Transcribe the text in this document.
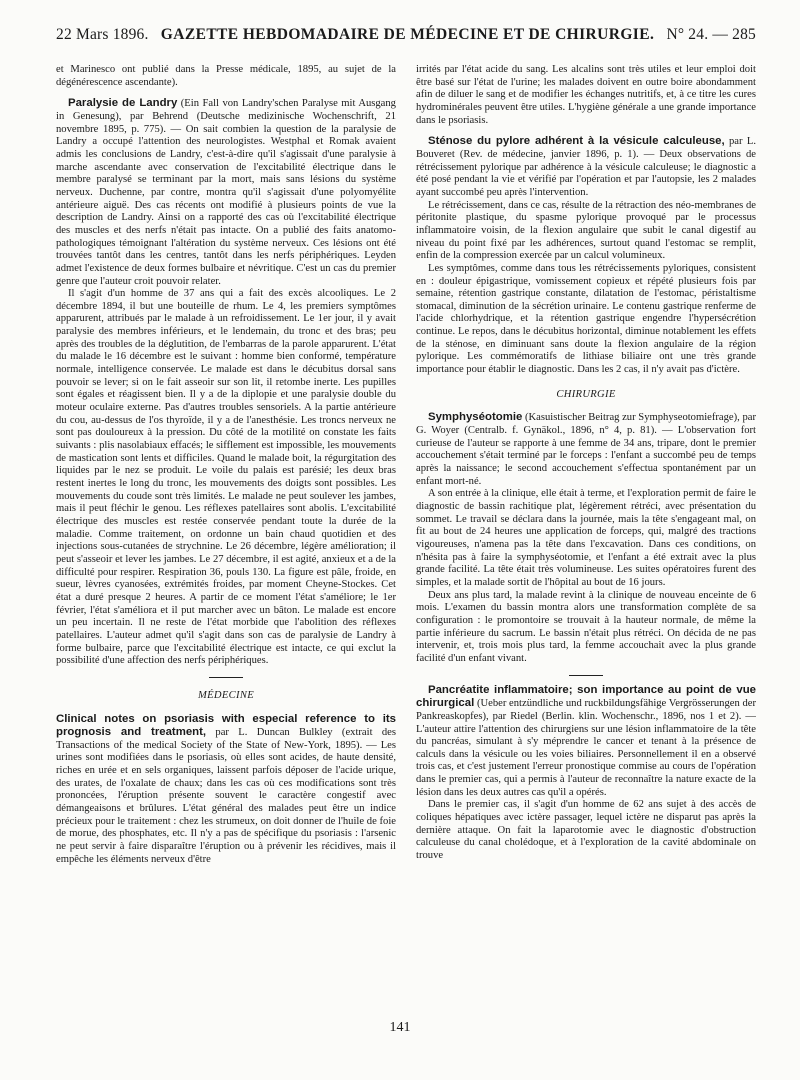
22 Mars 1896. GAZETTE HEBDOMADAIRE DE MÉDECINE ET DE CHIRURGIE. N° 24. — 285

et Marinesco ont publié dans la Presse médicale, 1895, au sujet de la dégénérescence ascendante).

Paralysie de Landry (Ein Fall von Landry'schen Paralyse mit Ausgang in Genesung), par Behrend (Deutsche medizinische Wochenschrift, 21 novembre 1895, p. 775). — On sait combien la question de la paralysie de Landry a occupé l'attention des neurologistes. Westphal et Romak avaient admis les conclusions de Landry, c'est-à-dire qu'il s'agissait d'une paralysie à marche ascendante avec conservation de l'excitabilité électrique dans le membre paralysé se terminant par la mort, mais sans lésions du système nerveux. Duchenne, par contre, montra qu'il s'agissait d'une polyomyélite antérieure aiguë. Des cas récents ont modifié à plusieurs points de vue la description de Landry. Ainsi on a rapporté des cas où l'excitabilité électrique des muscles et des nerfs n'était pas intacte. On a publié des faits anatomo-pathologiques témoignant l'altération du système nerveux. Ces lésions ont été trouvées tantôt dans les centres, tantôt dans les nerfs périphériques. Leyden admet l'existence de deux formes bulbaire et névritique. C'est un cas du premier genre que l'auteur croit pouvoir relater.

Il s'agit d'un homme de 37 ans qui a fait des excès alcooliques. Le 2 décembre 1894, il but une bouteille de rhum. Le 4, les premiers symptômes apparurent, attribués par le malade à un refroidissement. Le 1er jour, il y avait paralysie des membres inférieurs, et le lendemain, du tronc et des bras; peu après des troubles de la déglutition, de l'embarras de la parole apparurent. L'état du malade le 16 décembre est le suivant : homme bien conformé, température normale, intelligence conservée. Le malade est dans le décubitus dorsal sans pouvoir se lever; si on le fait asseoir sur son lit, il retombe inerte. Les pupilles sont égales et réagissent bien. Il y a de la diplopie et une paralysie double du moteur oculaire externe. Pas d'autres troubles sensoriels. A la partie antérieure du cou, au-dessus de l'os thyroïde, il y a de l'anesthésie. Les troncs nerveux ne sont pas douloureux à la pression. Du côté de la motilité on constate les faits suivants : plis nasolabiaux effacés; le sifflement est impossible, les mouvements de mastication sont lents et difficiles. Quand le malade boit, la régurgitation des liquides par le nez se produit. Le voile du palais est parésié; les deux bras restent inertes le long du tronc, les mouvements des doigts sont possibles. Les mouvements du coude sont très limités. Le malade ne peut soulever les jambes, mais il peut fléchir le genou. Les réflexes patellaires sont abolis. L'excitabilité électrique des muscles est restée conservée pendant toute la durée de la maladie. Comme traitement, on ordonne un bain chaud quotidien et des injections sous-cutanées de strychnine. Le 26 décembre, légère amélioration; il peut s'asseoir et lever les jambes. Le 27 décembre, il est agité, anxieux et a de la difficulté pour respirer. Respiration 36, pouls 130. La figure est pâle, froide, en sueur, lèvres cyanosées, extrémités froides, par moment Cheyne-Stockes. Cet état a duré presque 2 heures. A partir de ce moment l'état s'améliore; le 1er février, l'état s'améliora et il put marcher avec un bâton. Le malade est encore un peu incertain. Il ne reste de l'état morbide que l'abolition des réflexes patellaires. L'auteur admet qu'il s'agit dans son cas de paralysie de Landry à forme bulbaire, parce que l'excitabilité électrique est intacte, ce qui exclut la possibilité d'une affection des nerfs périphériques.

MÉDECINE

Clinical notes on psoriasis with especial reference to its prognosis and treatment, par L. Duncan Bulkley (extrait des Transactions of the medical Society of the State of New-York, 1895). — Les urines sont modifiées dans le psoriasis, où elles sont acides, de haute densité, riches en urée et en sels organiques, laissent parfois déposer de l'acide urique, des urates, de l'oxalate de chaux; dans les cas où ces modifications sont très prononcées, l'éruption présente souvent le caractère congestif avec démangeaisons et brûlures. L'état général des malades peut être un indice précieux pour le traitement : chez les strumeux, on doit donner de l'huile de foie de morue, des phosphates, etc. Il n'y a pas de spécifique du psoriasis : l'arsenic ne peut servir à faire disparaître l'éruption ou à prévenir les récidives, mais il empêche les éléments nerveux d'être

irrités par l'état acide du sang. Les alcalins sont très utiles et leur emploi doit être basé sur l'état de l'urine; les malades doivent en outre boire abondamment afin de diluer le sang et de modifier les échanges nutritifs, et, à ce titre les cures hydrominérales peuvent être utiles. L'hygiène générale a une grande importance dans le psoriasis.

Sténose du pylore adhérent à la vésicule calculeuse, par L. Bouveret (Rev. de médecine, janvier 1896, p. 1). — Deux observations de rétrécissement pylorique par adhérence à la vésicule calculeuse; le diagnostic a été posé pendant la vie et vérifié par l'opération et par l'autopsie, les 2 malades ayant succombé peu après l'intervention.

Le rétrécissement, dans ce cas, résulte de la rétraction des néo-membranes de péritonite plastique, du spasme pylorique provoqué par le processus inflammatoire voisin, de la flexion angulaire que subit le canal digestif au niveau du point fixé par les adhérences, surtout quand l'estomac se remplit, enfin de la compression exercée par un calcul volumineux.

Les symptômes, comme dans tous les rétrécissements pyloriques, consistent en : douleur épigastrique, vomissement copieux et répété plusieurs fois par semaine, rétention gastrique constante, dilatation de l'estomac, péristaltisme stomacal, diminution de la sécrétion urinaire. Le contenu gastrique renferme de l'acide chlorhydrique, et la rétention gastrique engendre l'hypersécrétion continue. Le repos, dans le décubitus horizontal, diminue notablement les effets de la sténose, en diminuant sans doute la flexion angulaire de la région pylorique. Les commémoratifs de lithiase biliaire ont une très grande importance pour établir le diagnostic. Dans les 2 cas, il n'y avait pas d'ictère.

CHIRURGIE

Symphyséotomie (Kasuistischer Beitrag zur Symphyseotomiefrage), par G. Woyer (Centralb. f. Gynäkol., 1896, n° 4, p. 81). — L'observation fort curieuse de l'auteur se rapporte à une femme de 34 ans, tripare, dont le premier accouchement s'était terminé par le forceps : l'enfant a succombé peu de temps après la naissance; le second accouchement s'effectua spontanément par un enfant mort-né.

A son entrée à la clinique, elle était à terme, et l'exploration permit de faire le diagnostic de bassin rachitique plat, légèrement rétréci, avec présentation du sommet. Le travail se déclara dans la journée, mais la tête s'engageant mal, on fit au bout de 24 heures une application de forceps, qui, malgré des tractions vigoureuses, n'amena pas la tête dans l'excavation. Dans ces conditions, on n'hésita pas à faire la symphyséotomie, et l'enfant a été extrait avec la plus grande facilité. La tête était très volumineuse. Les suites opératoires furent des simples, et la malade sortit de l'hôpital au bout de 16 jours.

Deux ans plus tard, la malade revint à la clinique de nouveau enceinte de 6 mois. L'examen du bassin montra alors une transformation complète de sa configuration : le promontoire se trouvait à la hauteur normale, de même la partie inférieure du sacrum. Le bassin n'était plus rétréci. On décida de ne pas intervenir, et, trois mois plus tard, la femme accouchait avec la plus grande facilité d'un enfant vivant.

Pancréatite inflammatoire; son importance au point de vue chirurgical (Ueber entzündliche und ruckbildungsfähige Vergrösserungen der Pankreaskopfes), par Riedel (Berlin. klin. Wochenschr., 1896, nos 1 et 2). — L'auteur attire l'attention des chirurgiens sur une lésion inflammatoire de la tête du pancréas, simulant à s'y méprendre le cancer et tenant à la présence de calculs dans la vésicule ou les voies biliaires. Personnellement il en a observé trois cas, et c'est justement l'erreur pronostique commise au cours de l'opération dans le premier cas, qui a permis à l'auteur de reconnaître la nature exacte de la lésion dans les deux autres cas qu'il a opérés.

Dans le premier cas, il s'agit d'un homme de 62 ans sujet à des accès de coliques hépatiques avec ictère passager, lequel ictère ne disparut pas après la dernière attaque. On fait la laparotomie avec le diagnostic d'obstruction calculeuse du canal cholédoque, et à l'exploration de la cavité abdominale on trouve

141
